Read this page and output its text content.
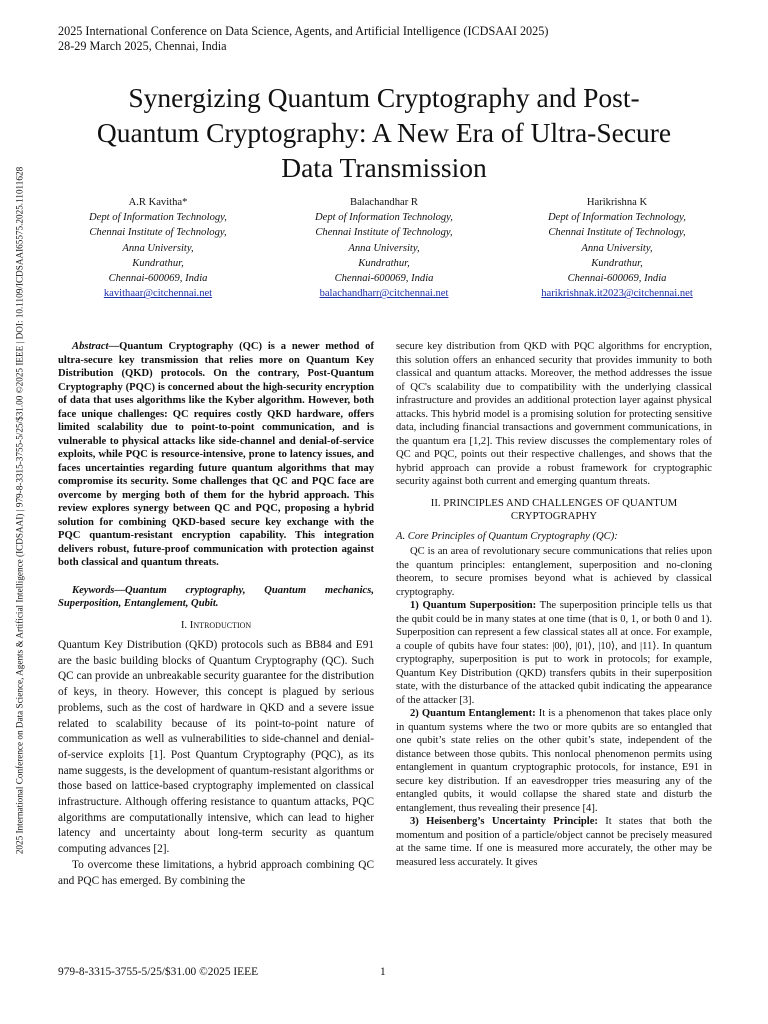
2025 International Conference on Data Science, Agents, and Artificial Intelligence (ICDSAAI 2025)
28-29 March 2025, Chennai, India
Synergizing Quantum Cryptography and Post-
Quantum Cryptography: A New Era of Ultra-Secure
Data Transmission
A.R Kavitha*
Dept of Information Technology,
Chennai Institute of Technology,
Anna University,
Kundrathur,
Chennai-600069, India
kavithaar@citchennai.net
Balachandhar R
Dept of Information Technology,
Chennai Institute of Technology,
Anna University,
Kundrathur,
Chennai-600069, India
balachandharr@citchennai.net
Harikrishna K
Dept of Information Technology,
Chennai Institute of Technology,
Anna University,
Kundrathur,
Chennai-600069, India
harikrishnak.it2023@citchennai.net
2025 International Conference on Data Science, Agents & Artificial Intelligence (ICDSAAI) | 979-8-3315-3755-5/25/$31.00 ©2025 IEEE | DOI: 10.1109/ICDSAAI65575.2025.11011628	Abstract—Quantum Cryptography (QC) is a newer method of ultra-secure key transmission that relies more on Quantum Key Distribution (QKD) protocols. On the contrary, Post-Quantum Cryptography (PQC) is concerned about the high-security encryption of data that uses algorithms like the Kyber algorithm. However, both face unique challenges: QC requires costly QKD hardware, offers limited scalability due to point-to-point communication, and is vulnerable to physical attacks like side-channel and denial-of-service exploits, while PQC is resource-intensive, prone to latency issues, and faces uncertainties regarding future quantum algorithms that may compromise its security. Some challenges that QC and PQC face are overcome by merging both of them for the hybrid approach. This review explores synergy between QC and PQC, proposing a hybrid solution for combining QKD-based secure key exchange with the PQC quantum-resistant encryption capability. This integration delivers robust, future-proof communication with protection against both classical and quantum threats.

Keywords—Quantum cryptography, Quantum mechanics, Superposition, Entanglement, Qubit.

I. Introduction

Quantum Key Distribution (QKD) protocols such as BB84 and E91 are the basic building blocks of Quantum Cryptography (QC). Such QC can provide an unbreakable security guarantee for the distribution of keys, in theory. However, this concept is plagued by serious problems, such as the cost of hardware in QKD and a severe issue related to scalability because of its point-to-point nature of communication as well as vulnerabilities to side-channel and denial-of-service exploits [1]. Post Quantum Cryptography (PQC), as its name suggests, is the development of quantum-resistant algorithms or those based on lattice-based cryptography implemented on classical infrastructure. Although offering resistance to quantum attacks, PQC algorithms are computationally intensive, which can lead to higher latency and uncertainty about long-term security as quantum computing advances [2].

To overcome these limitations, a hybrid approach combining QC and PQC has emerged. By combining the

secure key distribution from QKD with PQC algorithms for encryption, this solution offers an enhanced security that provides immunity to both classical and quantum attacks. Moreover, the method addresses the issue of QC's scalability due to compatibility with the underlying classical infrastructure and provides an additional protection layer against physical attacks. This hybrid model is a promising solution for protecting sensitive data, including financial transactions and government communications, in the quantum era [1,2]. This review discusses the complementary roles of QC and PQC, points out their respective challenges, and shows that the hybrid approach can provide a robust framework for cryptographic security against both current and emerging quantum threats.

II. PRINCIPLES AND CHALLENGES OF QUANTUM
CRYPTOGRAPHY
A. Core Principles of Quantum Cryptography (QC):

QC is an area of revolutionary secure communications that relies upon the quantum principles: entanglement, superposition and no-cloning theorem, to secure promises beyond what is achieved by classical cryptography.

1) Quantum Superposition: The superposition principle tells us that the qubit could be in many states at one time (that is 0, 1, or both 0 and 1). Superposition can represent a few classical states all at once. For example, a couple of qubits have four states: |00⟩, |01⟩, |10⟩, and |11⟩. In quantum cryptography, superposition is put to work in protocols; for example, Quantum Key Distribution (QKD) transfers qubits in their superposition state, with the disturbance of the attacked qubit indicating the appearance of the attacker [3].

2) Quantum Entanglement: It is a phenomenon that takes place only in quantum systems where the two or more qubits are so entangled that one qubit’s state relies on the other qubit’s state, independent of the distance between those qubits. This nonlocal phenomenon permits using entanglement in quantum cryptographic protocols, for instance, E91 in secure key distribution. If an eavesdropper tries measuring any of the entangled qubits, it would collapse the shared state and disturb the entanglement, thus revealing their presence [4].

3) Heisenberg’s Uncertainty Principle: It states that both the momentum and position of a particle/object cannot be precisely measured at the same time. If one is measured more accurately, the other may be measured less accurately. It gives

979-8-3315-3755-5/25/$31.00 ©2025 IEEE	1
